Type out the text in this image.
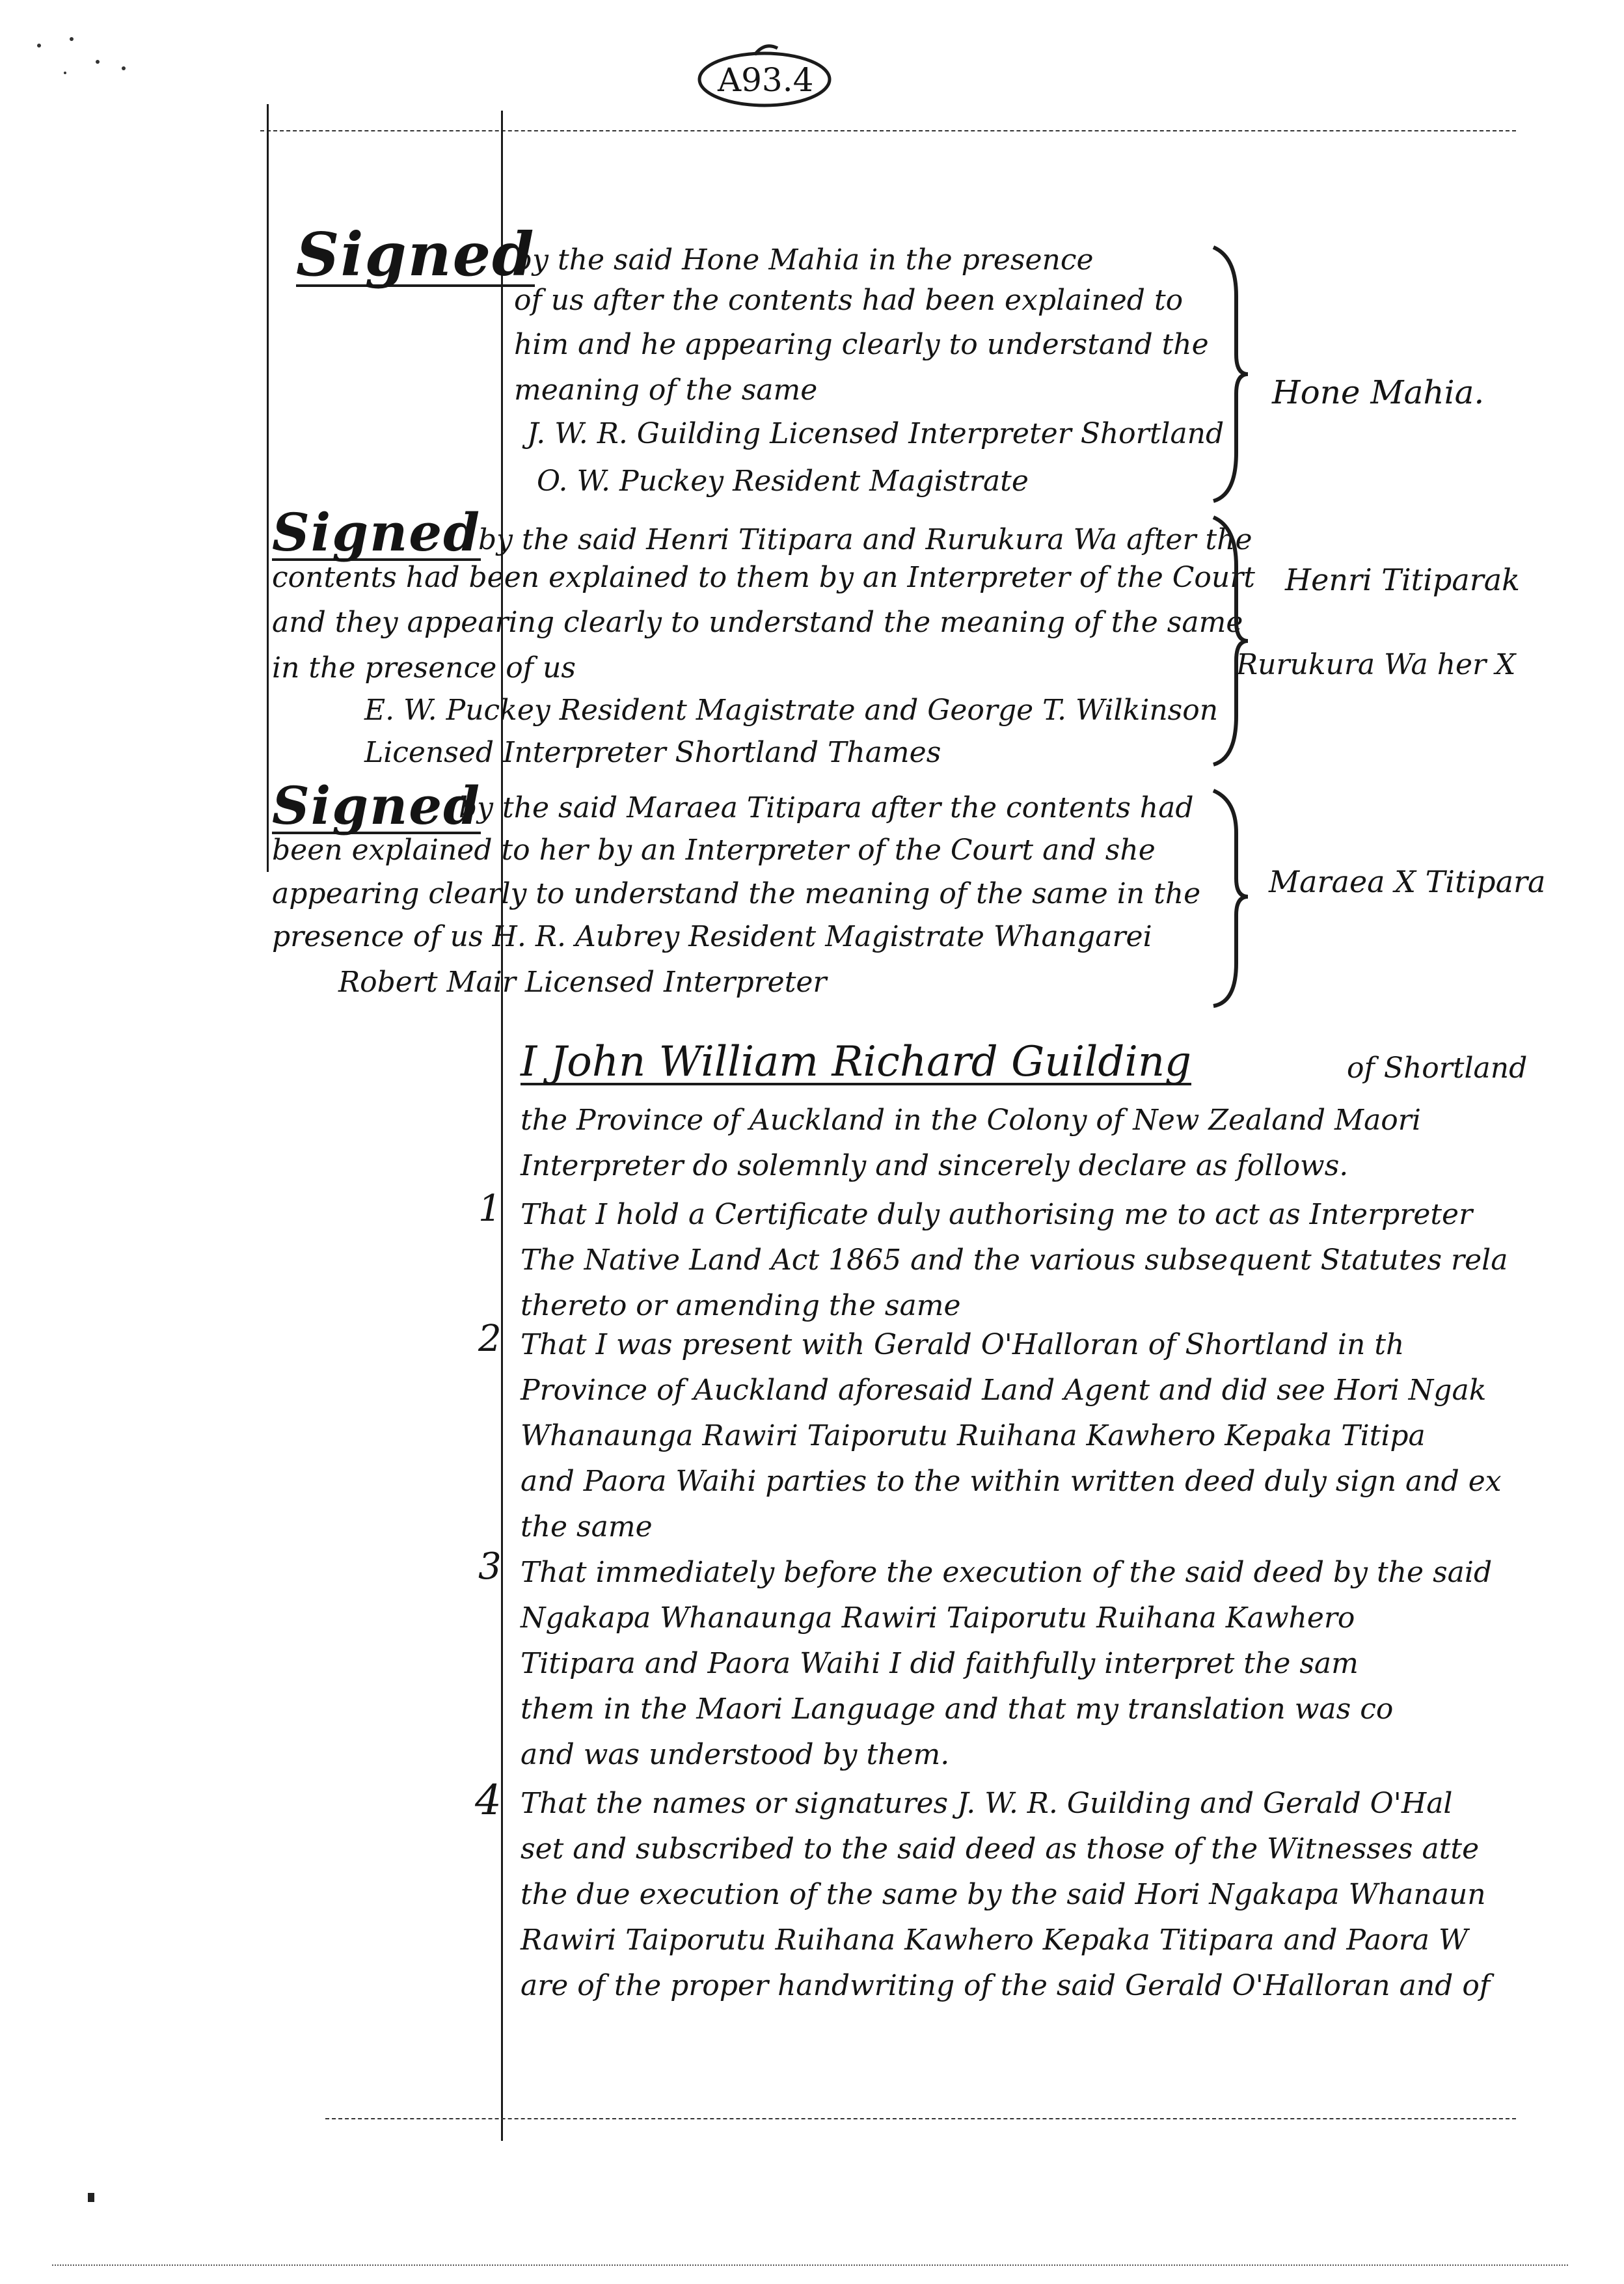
A93.4
Signed
by the said Hone Mahia in the presence
of us after the contents had been explained to
him and he appearing clearly to understand the
meaning of the same
J. W. R. Guilding Licensed Interpreter Shortland
O. W. Puckey Resident Magistrate
Hone Mahia.
Signed
by the said Henri Titipara and Rurukura Wa after the
contents had been explained to them by an Interpreter of the Court
and they appearing clearly to understand the meaning of the same
in the presence of us
E. W. Puckey Resident Magistrate and George T. Wilkinson
Licensed Interpreter Shortland Thames
Henri Titiparak
Rurukura Wa her X
Signed
by the said Maraea Titipara after the contents had
been explained to her by an Interpreter of the Court and she
appearing clearly to understand the meaning of the same in the
presence of us H. R. Aubrey Resident Magistrate Whangarei
Robert Mair Licensed Interpreter
Maraea X Titipara
I John William Richard Guilding	of Shortland
the Province of Auckland in the Colony of New Zealand Maori
Interpreter do solemnly and sincerely declare as follows.
1 That I hold a Certificate duly authorising me to act as Interpreter
The Native Land Act 1865 and the various subsequent Statutes rela
thereto or amending the same
2 That I was present with Gerald O'Halloran of Shortland in th
Province of Auckland aforesaid Land Agent and did see Hori Ngak
Whanaunga Rawiri Taiporutu Ruihana Kawhero Kepaka Titipa
and Paora Waihi parties to the within written deed duly sign and ex
the same
3 That immediately before the execution of the said deed by the said
Ngakapa Whanaunga Rawiri Taiporutu Ruihana Kawhero
Titipara and Paora Waihi I did faithfully interpret the sam
them in the Maori Language and that my translation was co
and was understood by them.
4 That the names or signatures J. W. R. Guilding and Gerald O'Hal
set and subscribed to the said deed as those of the Witnesses atte
the due execution of the same by the said Hori Ngakapa Whanaun
Rawiri Taiporutu Ruihana Kawhero Kepaka Titipara and Paora W
are of the proper handwriting of the said Gerald O'Halloran and of
